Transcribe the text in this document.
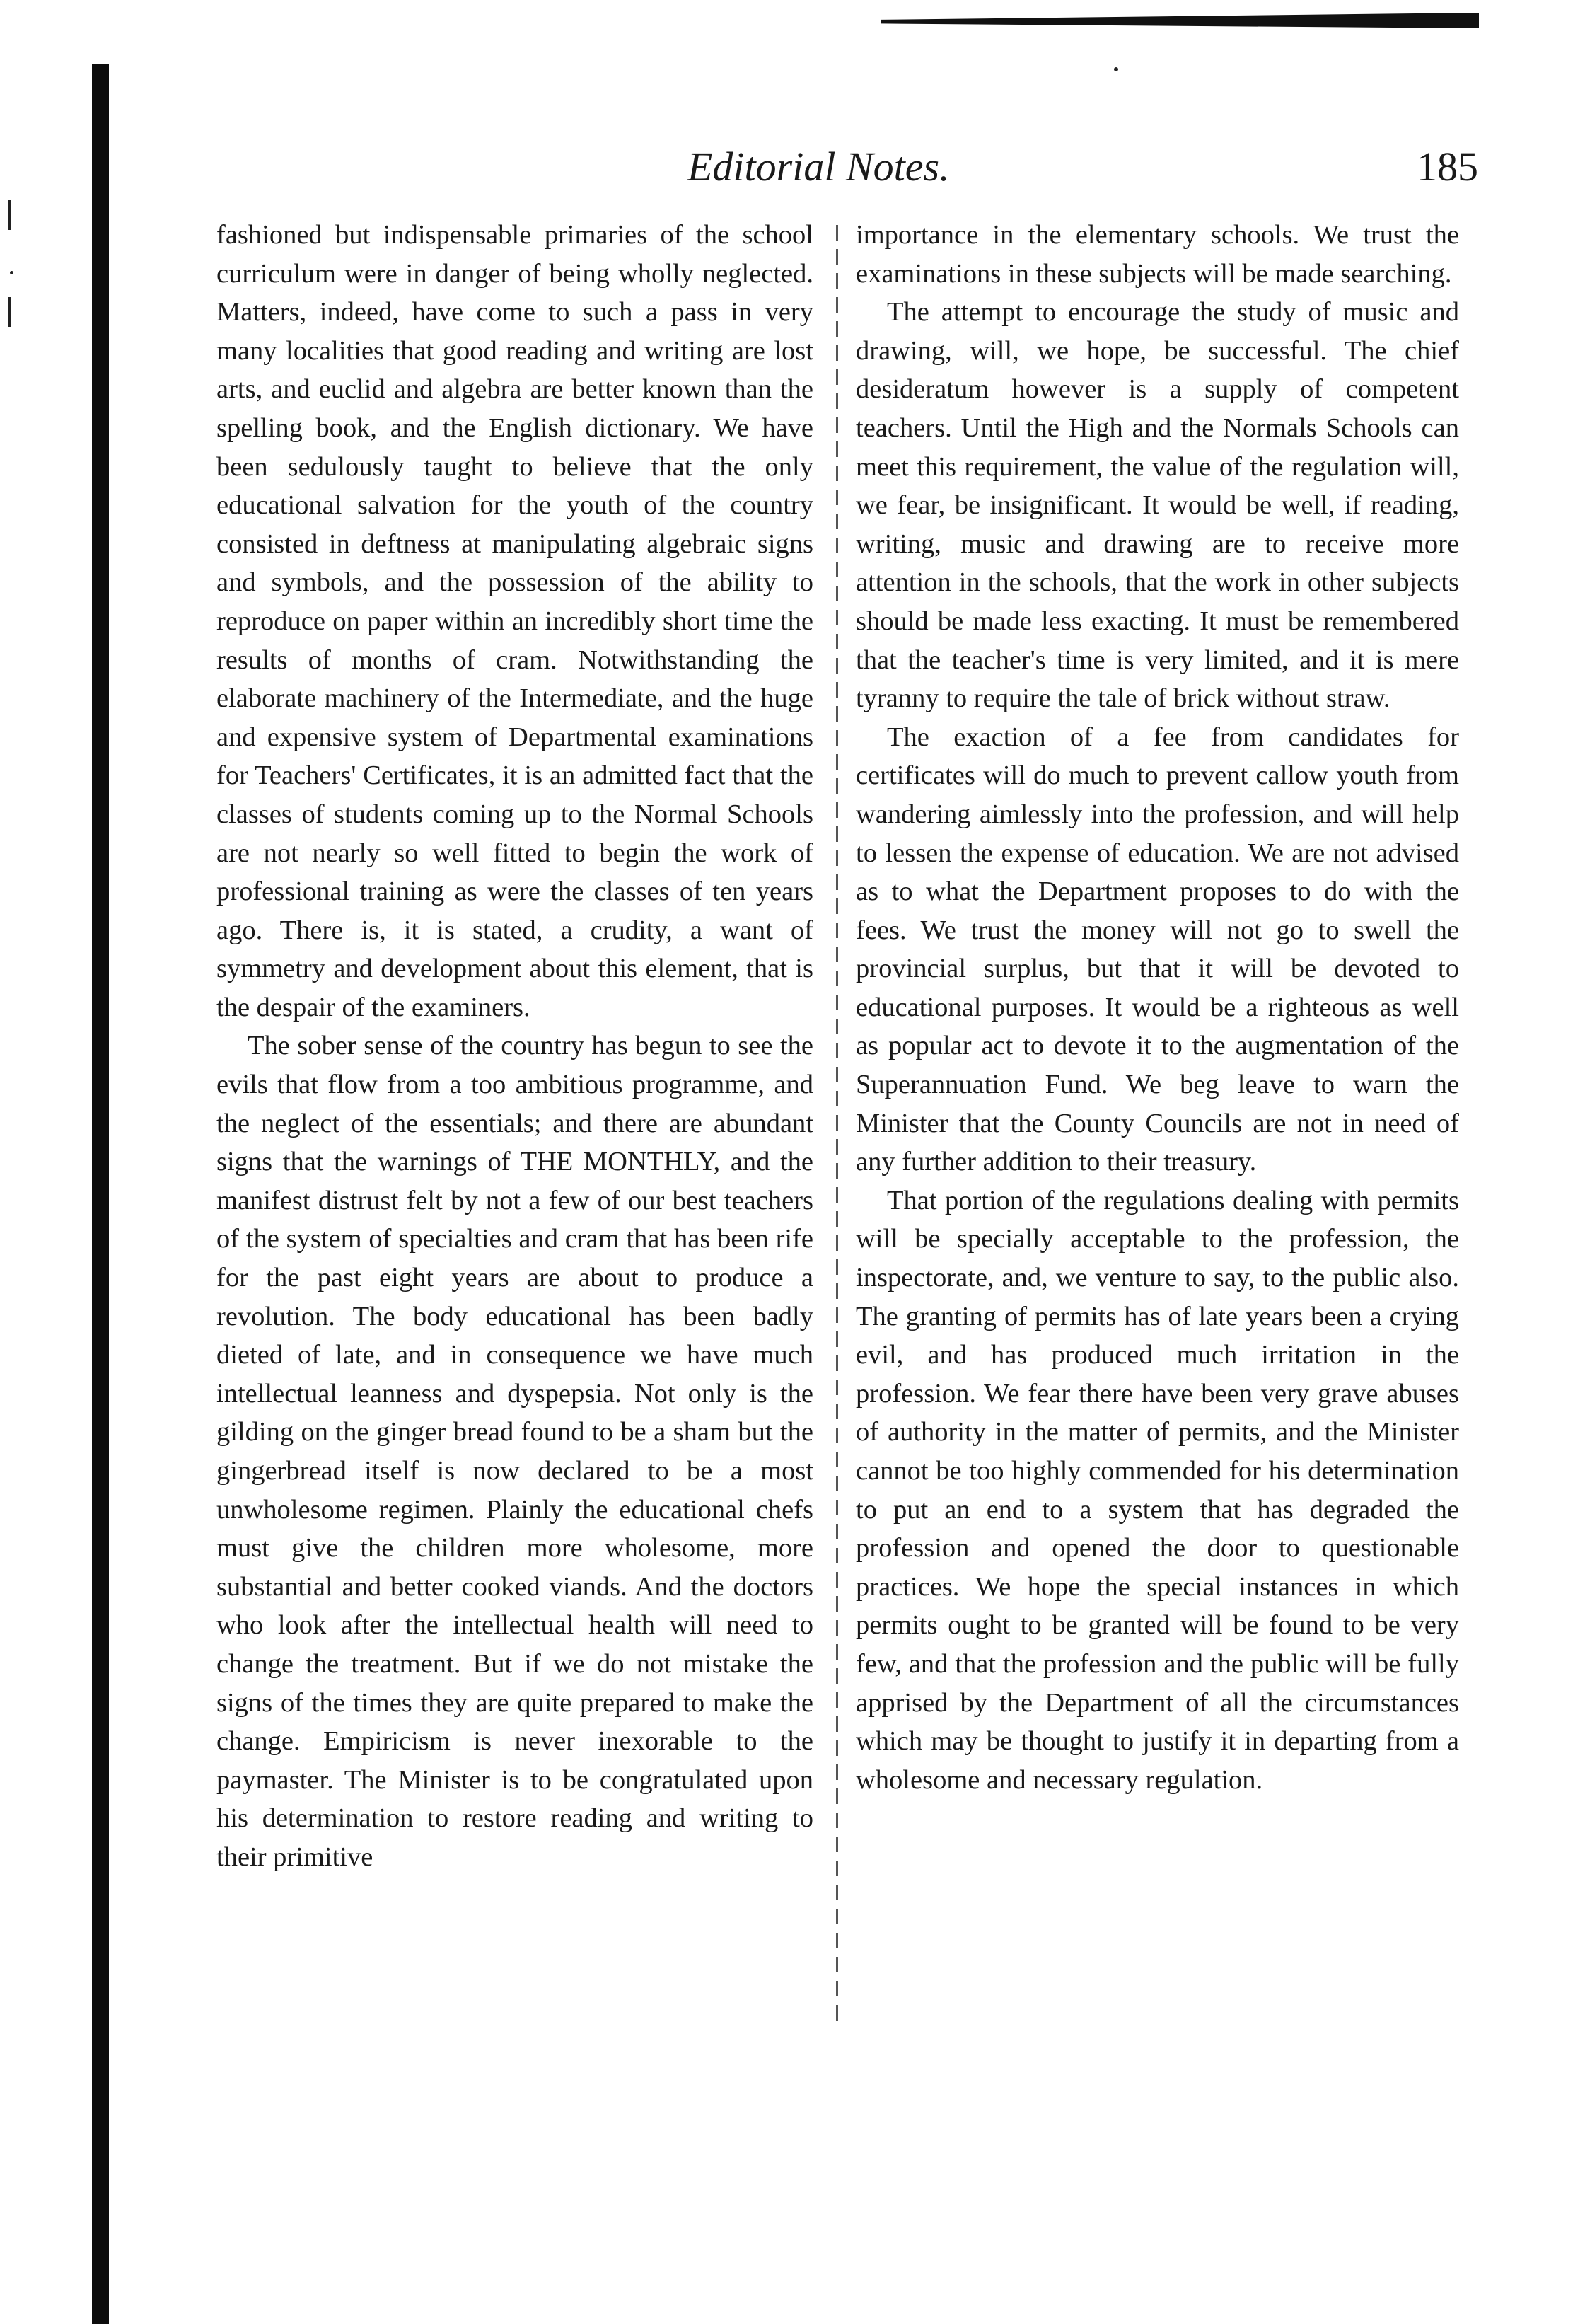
Editorial Notes.	185

fashioned but indispensable primaries of the school curriculum were in danger of being wholly neglected. Matters, indeed, have come to such a pass in very many localities that good reading and writing are lost arts, and euclid and algebra are better known than the spelling book, and the English dictionary. We have been sedulously taught to believe that the only educational salvation for the youth of the country consisted in deftness at manipulating algebraic signs and symbols, and the possession of the ability to reproduce on paper within an incredibly short time the results of months of cram. Notwithstanding the elaborate machinery of the Intermediate, and the huge and expensive system of Departmental examinations for Teachers' Certificates, it is an admitted fact that the classes of students coming up to the Normal Schools are not nearly so well fitted to begin the work of professional training as were the classes of ten years ago. There is, it is stated, a crudity, a want of symmetry and development about this element, that is the despair of the examiners.

The sober sense of the country has begun to see the evils that flow from a too ambitious programme, and the neglect of the essentials; and there are abundant signs that the warnings of THE MONTHLY, and the manifest distrust felt by not a few of our best teachers of the system of specialties and cram that has been rife for the past eight years are about to produce a revolution. The body educational has been badly dieted of late, and in consequence we have much intellectual leanness and dyspepsia. Not only is the gilding on the ginger bread found to be a sham but the gingerbread itself is now declared to be a most unwholesome regimen. Plainly the educational chefs must give the children more wholesome, more substantial and better cooked viands. And the doctors who look after the intellectual health will need to change the treatment. But if we do not mistake the signs of the times they are quite prepared to make the change. Empiricism is never inexorable to the paymaster. The Minister is to be congratulated upon his determination to restore reading and writing to their primitive

importance in the elementary schools. We trust the examinations in these subjects will be made searching.

The attempt to encourage the study of music and drawing, will, we hope, be successful. The chief desideratum however is a supply of competent teachers. Until the High and the Normals Schools can meet this requirement, the value of the regulation will, we fear, be insignificant. It would be well, if reading, writing, music and drawing are to receive more attention in the schools, that the work in other subjects should be made less exacting. It must be remembered that the teacher's time is very limited, and it is mere tyranny to require the tale of brick without straw.

The exaction of a fee from candidates for certificates will do much to prevent callow youth from wandering aimlessly into the profession, and will help to lessen the expense of education. We are not advised as to what the Department proposes to do with the fees. We trust the money will not go to swell the provincial surplus, but that it will be devoted to educational purposes. It would be a righteous as well as popular act to devote it to the augmentation of the Superannuation Fund. We beg leave to warn the Minister that the County Councils are not in need of any further addition to their treasury.

That portion of the regulations dealing with permits will be specially acceptable to the profession, the inspectorate, and, we venture to say, to the public also. The granting of permits has of late years been a crying evil, and has produced much irritation in the profession. We fear there have been very grave abuses of authority in the matter of permits, and the Minister cannot be too highly commended for his determination to put an end to a system that has degraded the profession and opened the door to questionable practices. We hope the special instances in which permits ought to be granted will be found to be very few, and that the profession and the public will be fully apprised by the Department of all the circumstances which may be thought to justify it in departing from a wholesome and necessary regulation.
